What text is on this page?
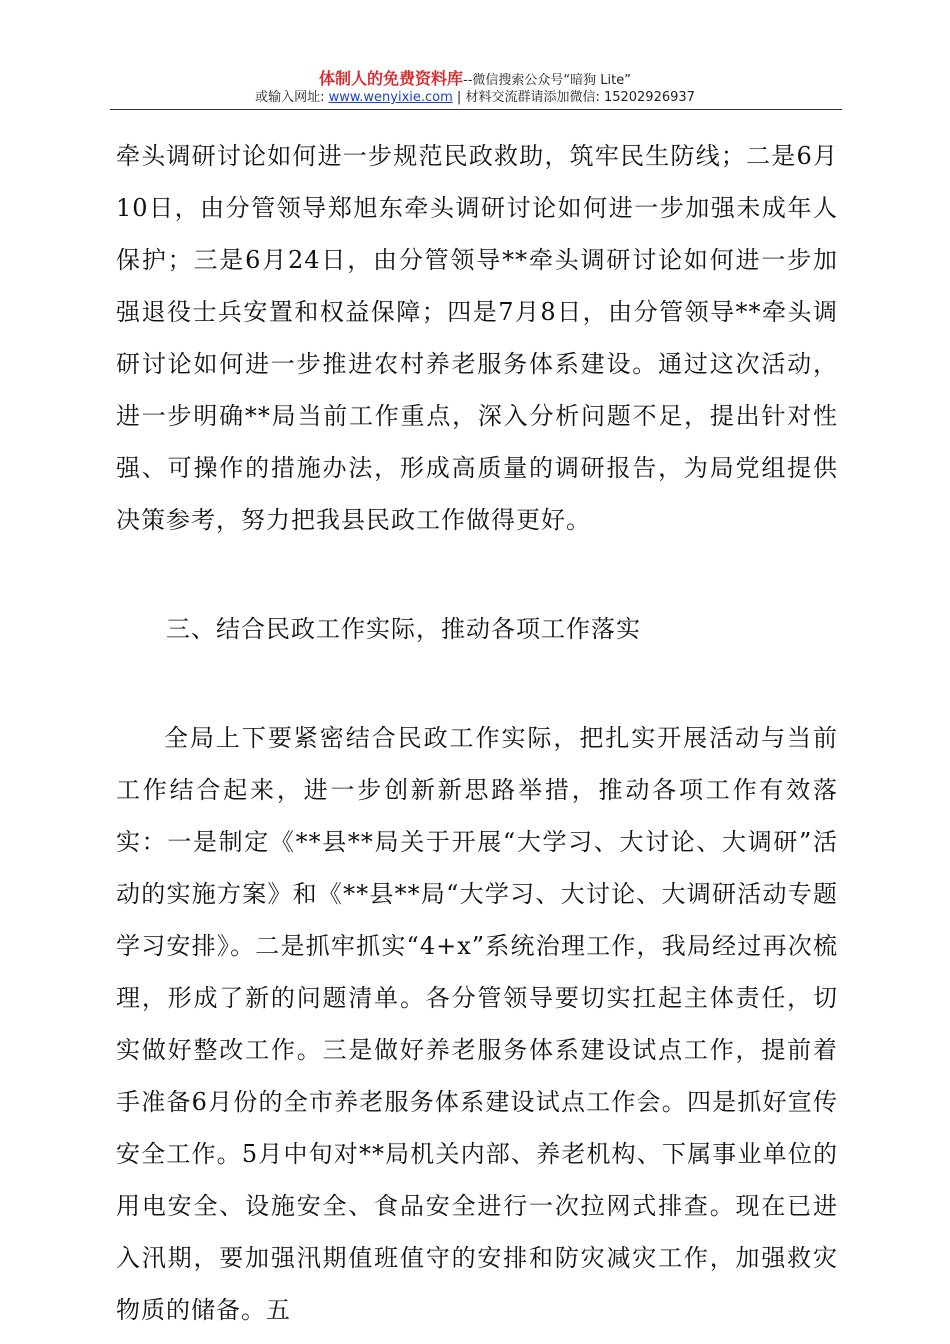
体制人的免费资料库--微信搜索公众号“暗狗 Lite”
或输入网址: www.wenyixie.com | 材料交流群请添加微信: 15202926937

牵头调研讨论如何进一步规范民政救助，筑牢民生防线；二是6月10日，由分管领导郑旭东牵头调研讨论如何进一步加强未成年人保护；三是6月24日，由分管领导**牵头调研讨论如何进一步加强退役士兵安置和权益保障；四是7月8日，由分管领导**牵头调研讨论如何进一步推进农村养老服务体系建设。通过这次活动，进一步明确**局当前工作重点，深入分析问题不足，提出针对性强、可操作的措施办法，形成高质量的调研报告，为局党组提供决策参考，努力把我县民政工作做得更好。

三、结合民政工作实际，推动各项工作落实

全局上下要紧密结合民政工作实际，把扎实开展活动与当前工作结合起来，进一步创新新思路举措，推动各项工作有效落实：一是制定《**县**局关于开展“大学习、大讨论、大调研”活动的实施方案》和《**县**局“大学习、大讨论、大调研活动专题学习安排》。二是抓牢抓实“4+x”系统治理工作，我局经过再次梳理，形成了新的问题清单。各分管领导要切实扛起主体责任，切实做好整改工作。三是做好养老服务体系建设试点工作，提前着手准备6月份的全市养老服务体系建设试点工作会。四是抓好宣传安全工作。5月中旬对**局机关内部、养老机构、下属事业单位的用电安全、设施安全、食品安全进行一次拉网式排查。现在已进入汛期，要加强汛期值班值守的安排和防灾减灾工作，加强救灾物质的储备。五
